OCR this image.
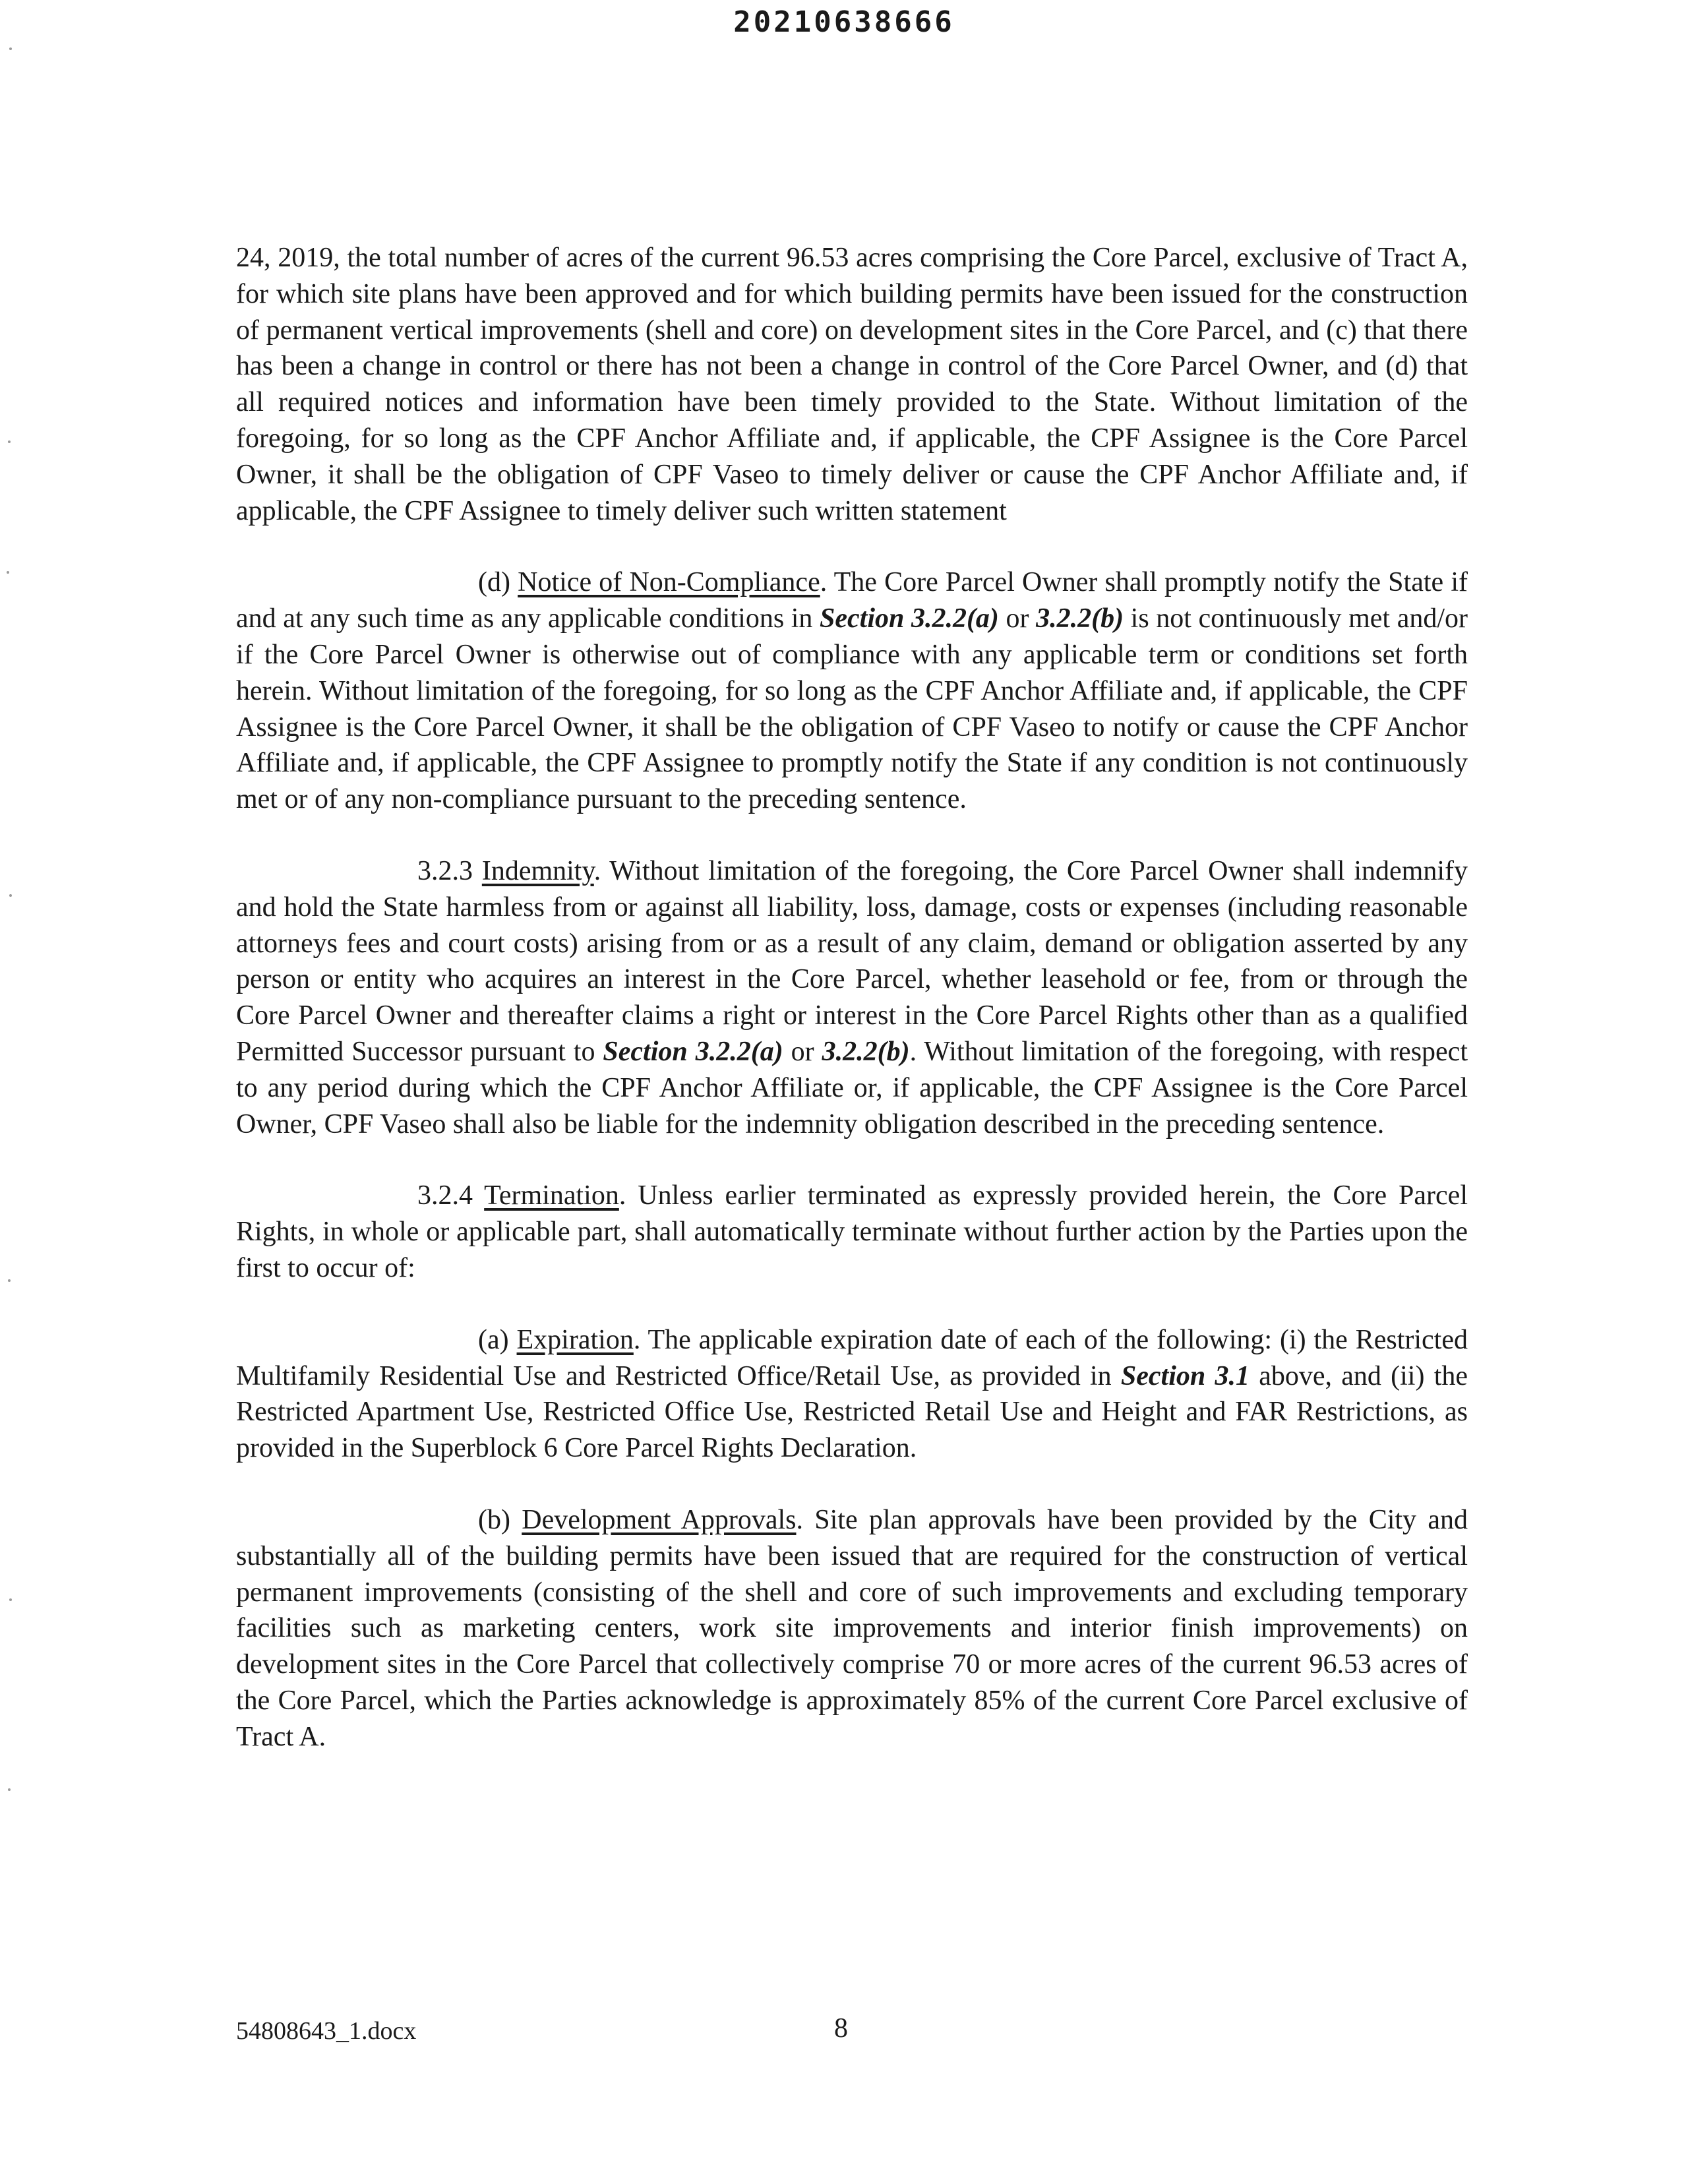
20210638666

24, 2019, the total number of acres of the current 96.53 acres comprising the Core Parcel, exclusive of Tract A, for which site plans have been approved and for which building permits have been issued for the construction of permanent vertical improvements (shell and core) on development sites in the Core Parcel, and (c) that there has been a change in control or there has not been a change in control of the Core Parcel Owner, and (d) that all required notices and information have been timely provided to the State. Without limitation of the foregoing, for so long as the CPF Anchor Affiliate and, if applicable, the CPF Assignee is the Core Parcel Owner, it shall be the obligation of CPF Vaseo to timely deliver or cause the CPF Anchor Affiliate and, if applicable, the CPF Assignee to timely deliver such written statement

(d) Notice of Non-Compliance. The Core Parcel Owner shall promptly notify the State if and at any such time as any applicable conditions in Section 3.2.2(a) or 3.2.2(b) is not continuously met and/or if the Core Parcel Owner is otherwise out of compliance with any applicable term or conditions set forth herein. Without limitation of the foregoing, for so long as the CPF Anchor Affiliate and, if applicable, the CPF Assignee is the Core Parcel Owner, it shall be the obligation of CPF Vaseo to notify or cause the CPF Anchor Affiliate and, if applicable, the CPF Assignee to promptly notify the State if any condition is not continuously met or of any non-compliance pursuant to the preceding sentence.

3.2.3 Indemnity. Without limitation of the foregoing, the Core Parcel Owner shall indemnify and hold the State harmless from or against all liability, loss, damage, costs or expenses (including reasonable attorneys fees and court costs) arising from or as a result of any claim, demand or obligation asserted by any person or entity who acquires an interest in the Core Parcel, whether leasehold or fee, from or through the Core Parcel Owner and thereafter claims a right or interest in the Core Parcel Rights other than as a qualified Permitted Successor pursuant to Section 3.2.2(a) or 3.2.2(b). Without limitation of the foregoing, with respect to any period during which the CPF Anchor Affiliate or, if applicable, the CPF Assignee is the Core Parcel Owner, CPF Vaseo shall also be liable for the indemnity obligation described in the preceding sentence.

3.2.4 Termination. Unless earlier terminated as expressly provided herein, the Core Parcel Rights, in whole or applicable part, shall automatically terminate without further action by the Parties upon the first to occur of:

(a) Expiration. The applicable expiration date of each of the following: (i) the Restricted Multifamily Residential Use and Restricted Office/Retail Use, as provided in Section 3.1 above, and (ii) the Restricted Apartment Use, Restricted Office Use, Restricted Retail Use and Height and FAR Restrictions, as provided in the Superblock 6 Core Parcel Rights Declaration.

(b) Development Approvals. Site plan approvals have been provided by the City and substantially all of the building permits have been issued that are required for the construction of vertical permanent improvements (consisting of the shell and core of such improvements and excluding temporary facilities such as marketing centers, work site improvements and interior finish improvements) on development sites in the Core Parcel that collectively comprise 70 or more acres of the current 96.53 acres of the Core Parcel, which the Parties acknowledge is approximately 85% of the current Core Parcel exclusive of Tract A.

54808643_1.docx	8
